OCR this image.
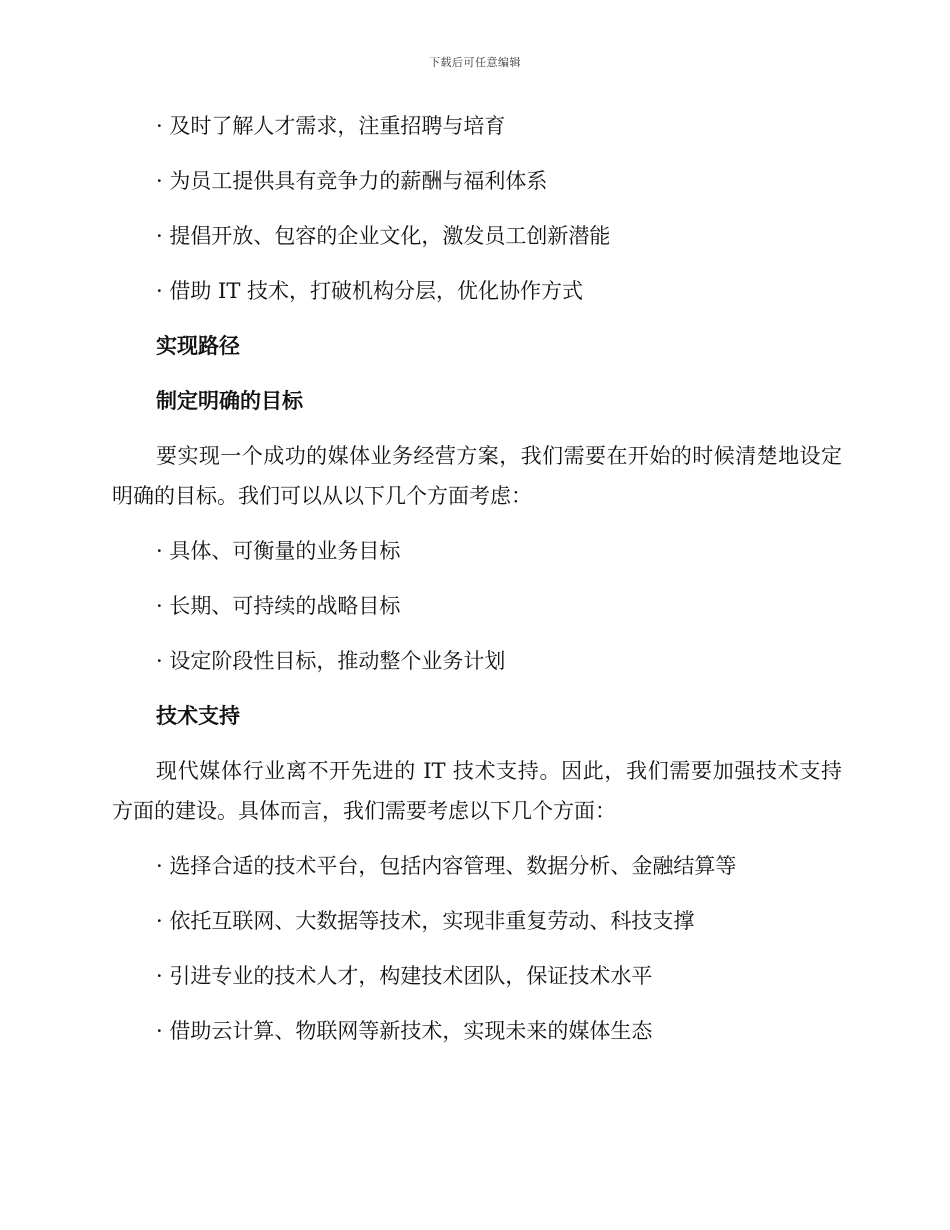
下载后可任意编辑

· 及时了解人才需求，注重招聘与培育

· 为员工提供具有竞争力的薪酬与福利体系

· 提倡开放、包容的企业文化，激发员工创新潜能

· 借助 IT 技术，打破机构分层，优化协作方式

实现路径

制定明确的目标

要实现一个成功的媒体业务经营方案，我们需要在开始的时候清楚地设定明确的目标。我们可以从以下几个方面考虑：

· 具体、可衡量的业务目标

· 长期、可持续的战略目标

· 设定阶段性目标，推动整个业务计划

技术支持

现代媒体行业离不开先进的 IT 技术支持。因此，我们需要加强技术支持方面的建设。具体而言，我们需要考虑以下几个方面：

· 选择合适的技术平台，包括内容管理、数据分析、金融结算等

· 依托互联网、大数据等技术，实现非重复劳动、科技支撑

· 引进专业的技术人才，构建技术团队，保证技术水平

· 借助云计算、物联网等新技术，实现未来的媒体生态
